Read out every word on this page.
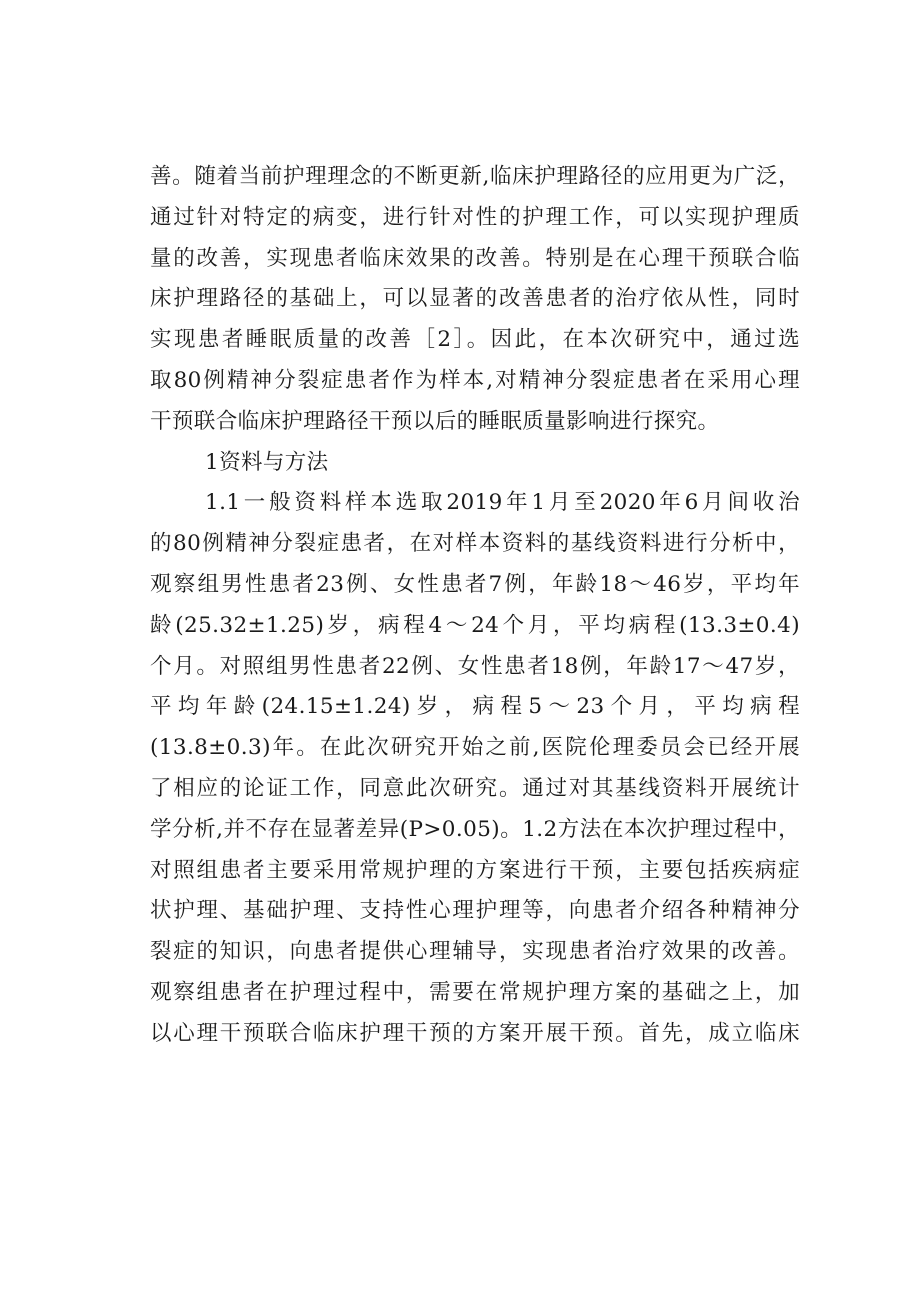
善。随着当前护理理念的不断更新,临床护理路径的应用更为广泛，
通过针对特定的病变，进行针对性的护理工作，可以实现护理质
量的改善，实现患者临床效果的改善。特别是在心理干预联合临
床护理路径的基础上，可以显著的改善患者的治疗依从性，同时
实现患者睡眠质量的改善［2］。因此，在本次研究中，通过选
取80例精神分裂症患者作为样本,对精神分裂症患者在采用心理
干预联合临床护理路径干预以后的睡眠质量影响进行探究。
1资料与方法
1.1一般资料样本选取2019年1月至2020年6月间收治
的80例精神分裂症患者，在对样本资料的基线资料进行分析中，
观察组男性患者23例、女性患者7例，年龄18～46岁，平均年
龄(25.32±1.25)岁，病程4～24个月，平均病程(13.3±0.4)
个月。对照组男性患者22例、女性患者18例，年龄17～47岁，
平均年龄(24.15±1.24)岁，病程5～23个月，平均病程
(13.8±0.3)年。在此次研究开始之前,医院伦理委员会已经开展
了相应的论证工作，同意此次研究。通过对其基线资料开展统计
学分析,并不存在显著差异(P>0.05)。1.2方法在本次护理过程中，
对照组患者主要采用常规护理的方案进行干预，主要包括疾病症
状护理、基础护理、支持性心理护理等，向患者介绍各种精神分
裂症的知识，向患者提供心理辅导，实现患者治疗效果的改善。
观察组患者在护理过程中，需要在常规护理方案的基础之上，加
以心理干预联合临床护理干预的方案开展干预。首先，成立临床
